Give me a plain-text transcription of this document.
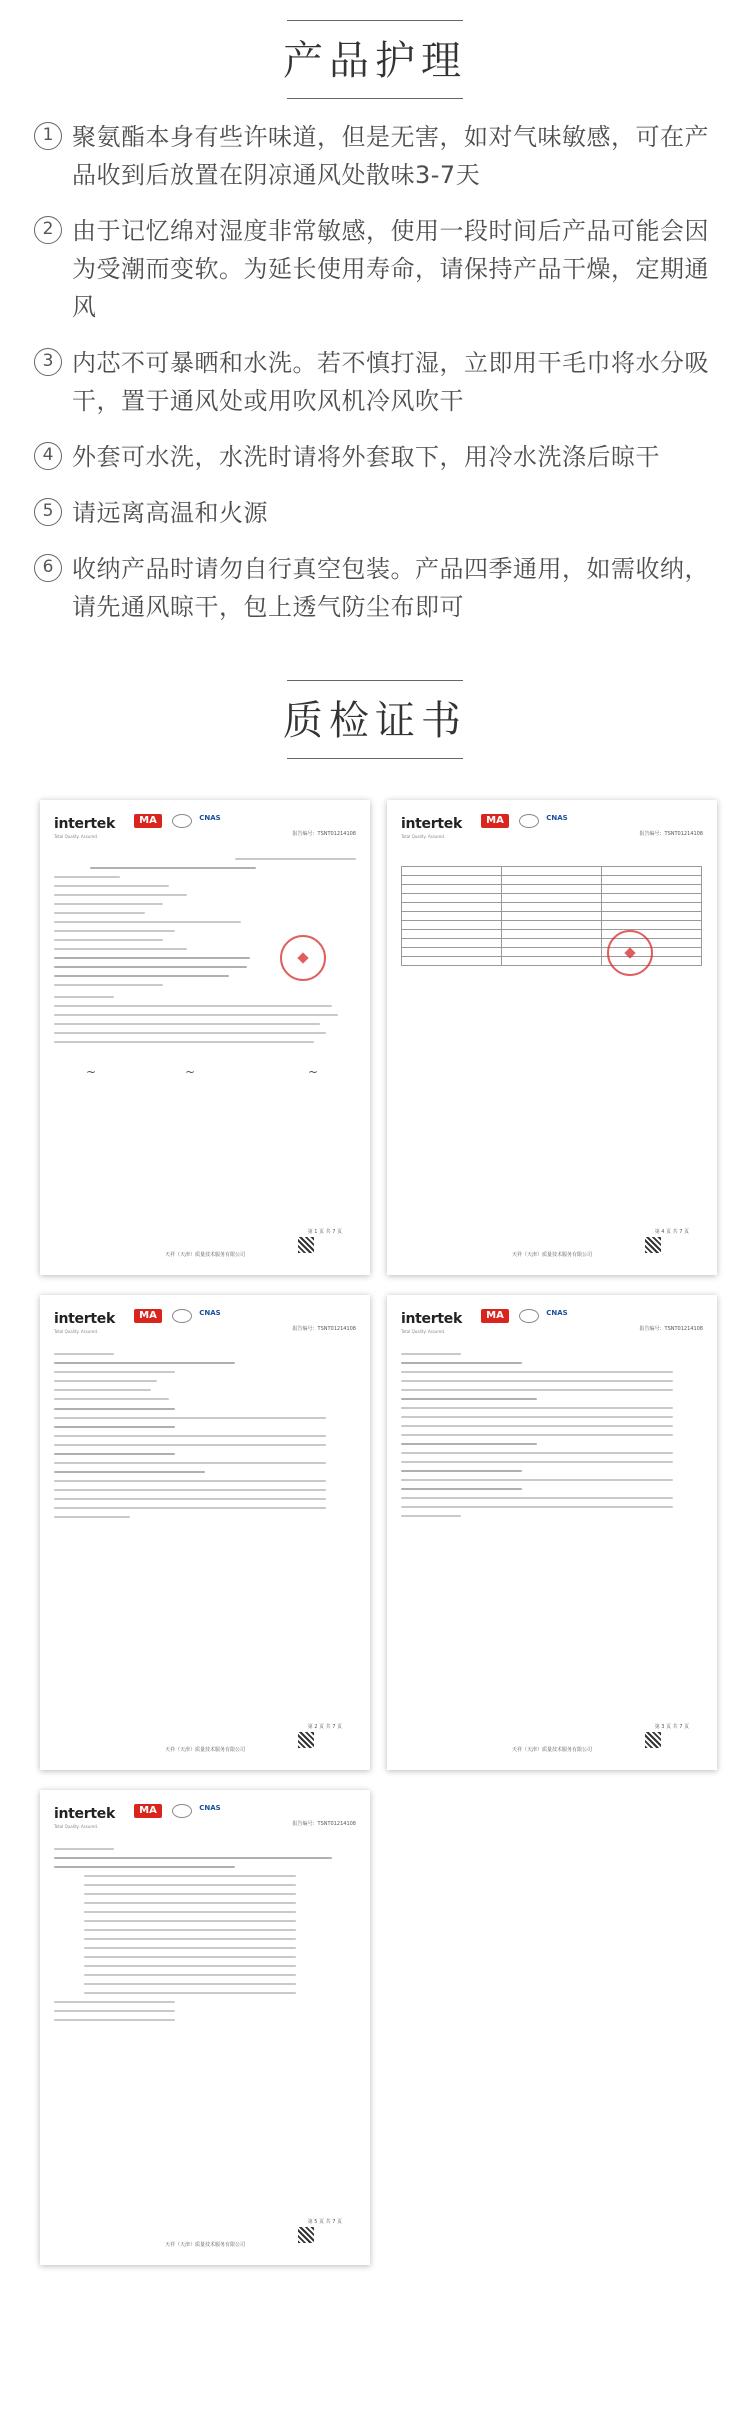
产品护理
1 聚氨酯本身有些许味道，但是无害，如对气味敏感，可在产品收到后放置在阴凉通风处散味3-7天
2 由于记忆绵对湿度非常敏感，使用一段时间后产品可能会因为受潮而变软。为延长使用寿命，请保持产品干燥，定期通风
3 内芯不可暴晒和水洗。若不慎打湿，立即用干毛巾将水分吸干，置于通风处或用吹风机冷风吹干
4 外套可水洗，水洗时请将外套取下，用冷水洗涤后晾干
5 请远离高温和火源
6 收纳产品时请勿自行真空包装。产品四季通用，如需收纳，请先通风晾干，包上透气防尘布即可
质检证书
intertek
Total Quality. Assured.
MA	CNAS
报告编号：TSNT01214108
~	~	~
第 1 页 共 7 页
天祥（天津）质量技术服务有限公司
intertek
Total Quality. Assured.
MA	CNAS
报告编号：TSNT01214108

第 4 页 共 7 页
天祥（天津）质量技术服务有限公司
intertek
Total Quality. Assured.
MA	CNAS
报告编号：TSNT01214108
第 2 页 共 7 页
天祥（天津）质量技术服务有限公司
intertek
Total Quality. Assured.
MA	CNAS
报告编号：TSNT01214108
第 3 页 共 7 页
天祥（天津）质量技术服务有限公司
intertek
Total Quality. Assured.
MA	CNAS
报告编号：TSNT01214108
第 5 页 共 7 页
天祥（天津）质量技术服务有限公司
